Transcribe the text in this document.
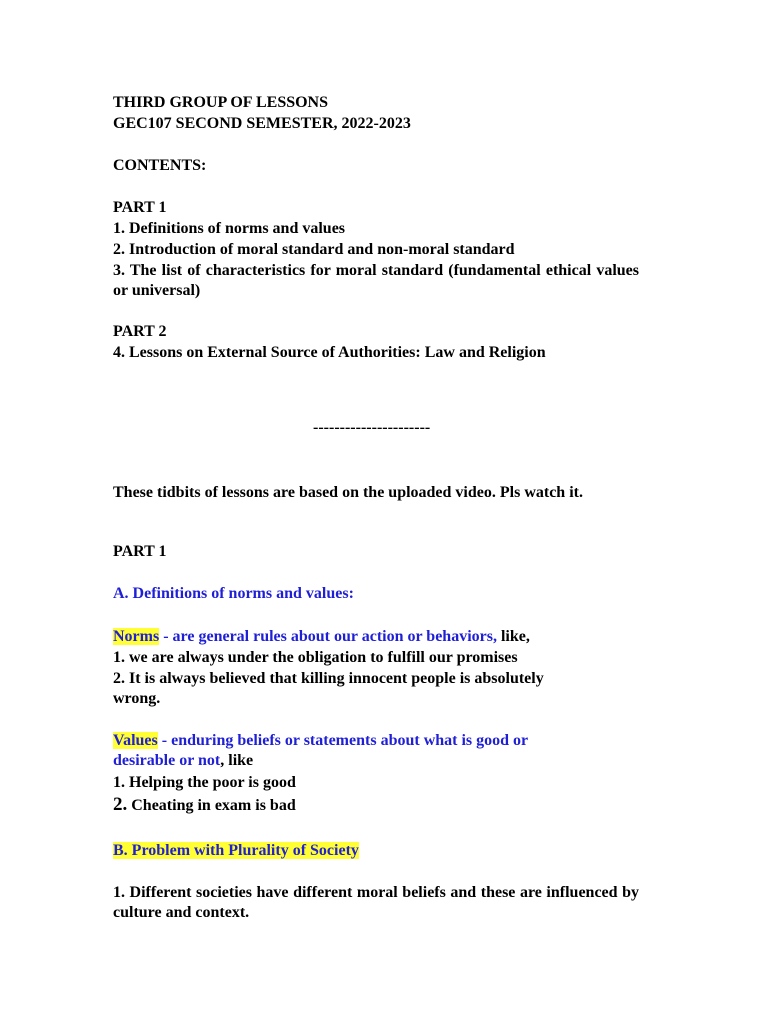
THIRD GROUP OF LESSONS
GEC107 SECOND SEMESTER, 2022-2023
CONTENTS:
PART 1
1. Definitions of norms and values
2. Introduction of moral standard and non-moral standard
3. The list of characteristics for moral standard (fundamental ethical values or universal)
PART 2
4. Lessons on External Source of Authorities: Law and Religion
----------------------
These tidbits of lessons are based on the uploaded video. Pls watch it.
PART 1
A. Definitions of norms and values:
Norms - are general rules about our action or behaviors, like,
1. we are always under the obligation to fulfill our promises
2. It is always believed that killing innocent people is absolutely wrong.
Values - enduring beliefs or statements about what is good or desirable or not, like
1. Helping the poor is good
2. Cheating in exam is bad
B. Problem with Plurality of Society
1. Different societies have different moral beliefs and these are influenced by culture and context.
